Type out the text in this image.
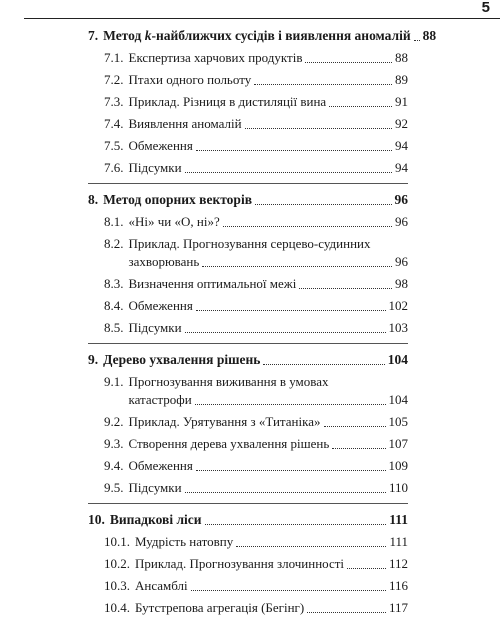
5
7. Метод k-найближчих сусідів і виявлення аномалій 88
7.1. Експертиза харчових продуктів	88
7.2. Птахи одного польоту	89
7.3. Приклад. Різниця в дистиляції вина	91
7.4. Виявлення аномалій	92
7.5. Обмеження	94
7.6. Підсумки	94
8. Метод опорних векторів	96
8.1. «Ні» чи «О, ні»?	96
8.2. Приклад. Прогнозування серцево-судинних
захворювань	96
8.3. Визначення оптимальної межі	98
8.4. Обмеження	102
8.5. Підсумки	103
9. Дерево ухвалення рішень	104
9.1. Прогнозування виживання в умовах
катастрофи	104
9.2. Приклад. Урятування з «Титаніка»	105
9.3. Створення дерева ухвалення рішень	107
9.4. Обмеження	109
9.5. Підсумки	110
10. Випадкові ліси	111
10.1. Мудрість натовпу	111
10.2. Приклад. Прогнозування злочинності	112
10.3. Ансамблі	116
10.4. Бутстрепова агрегація (Бегінг)	117
